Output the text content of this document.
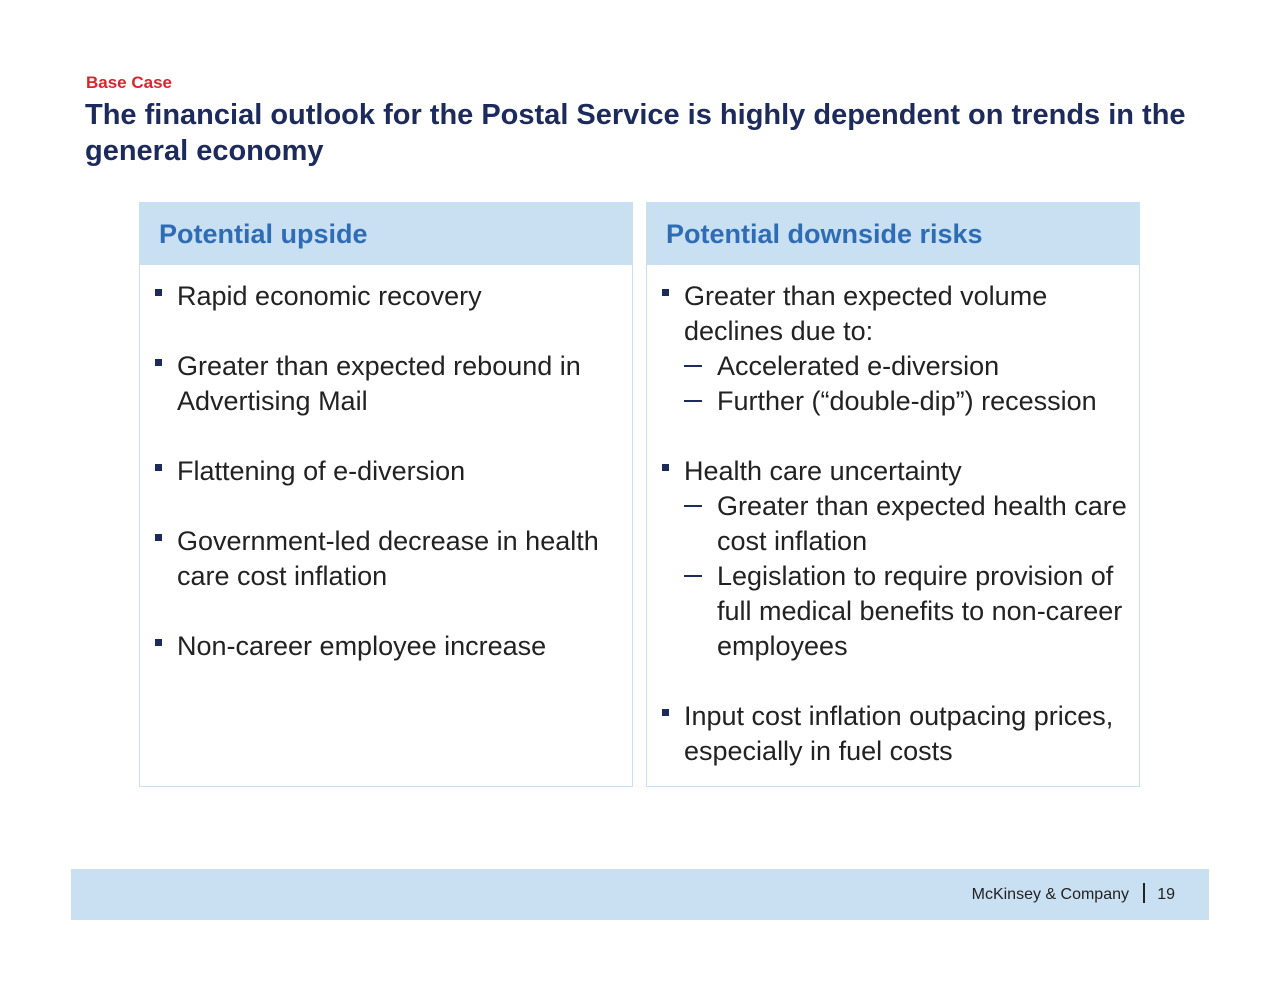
Base Case
The financial outlook for the Postal Service is highly dependent on trends in the general economy
Potential upside
Rapid economic recovery
Greater than expected rebound in Advertising Mail
Flattening of e-diversion
Government-led decrease in health care cost inflation
Non-career employee increase
Potential downside risks
Greater than expected volume declines due to:
Accelerated e-diversion
Further (“double-dip”) recession
Health care uncertainty
Greater than expected health care cost inflation
Legislation to require provision of full medical benefits to non-career employees
Input cost inflation outpacing prices, especially in fuel costs
McKinsey & Company 19
